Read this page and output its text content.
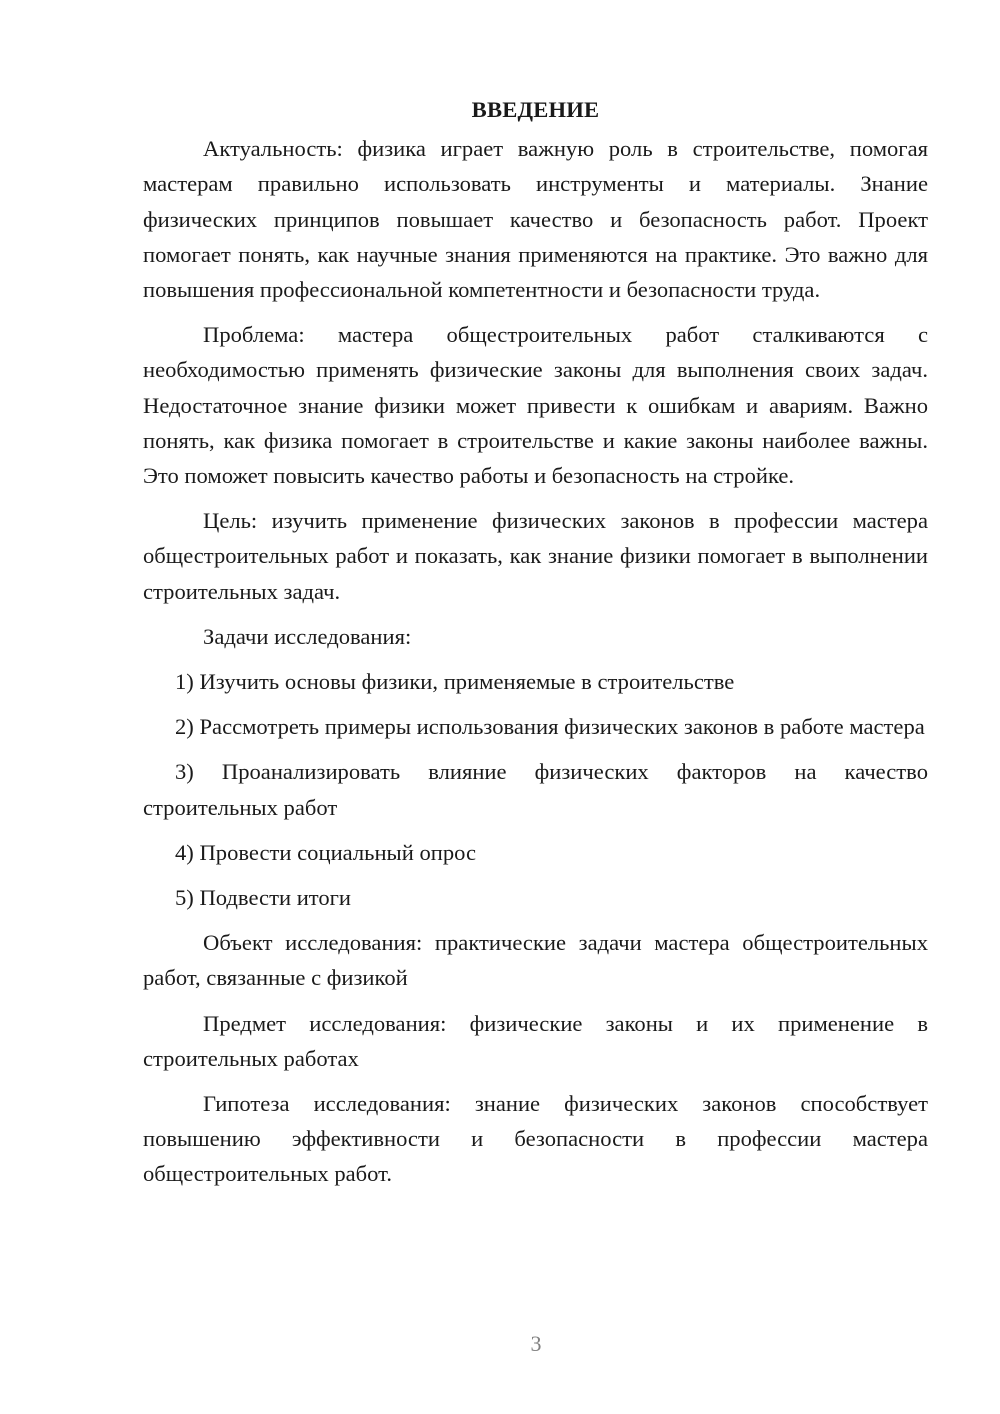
ВВЕДЕНИЕ

Актуальность: физика играет важную роль в строительстве, помогая мастерам правильно использовать инструменты и материалы. Знание физических принципов повышает качество и безопасность работ. Проект помогает понять, как научные знания применяются на практике. Это важно для повышения профессиональной компетентности и безопасности труда.

Проблема: мастера общестроительных работ сталкиваются с необходимостью применять физические законы для выполнения своих задач. Недостаточное знание физики может привести к ошибкам и авариям. Важно понять, как физика помогает в строительстве и какие законы наиболее важны. Это поможет повысить качество работы и безопасность на стройке.

Цель: изучить применение физических законов в профессии мастера общестроительных работ и показать, как знание физики помогает в выполнении строительных задач.

Задачи исследования:

1) Изучить основы физики, применяемые в строительстве

2) Рассмотреть примеры использования физических законов в работе мастера

3) Проанализировать влияние физических факторов на качество строительных работ

4) Провести социальный опрос

5) Подвести итоги

Объект исследования: практические задачи мастера общестроительных работ, связанные с физикой

Предмет исследования: физические законы и их применение в строительных работах

Гипотеза исследования: знание физических законов способствует повышению эффективности и безопасности в профессии мастера общестроительных работ.

3
